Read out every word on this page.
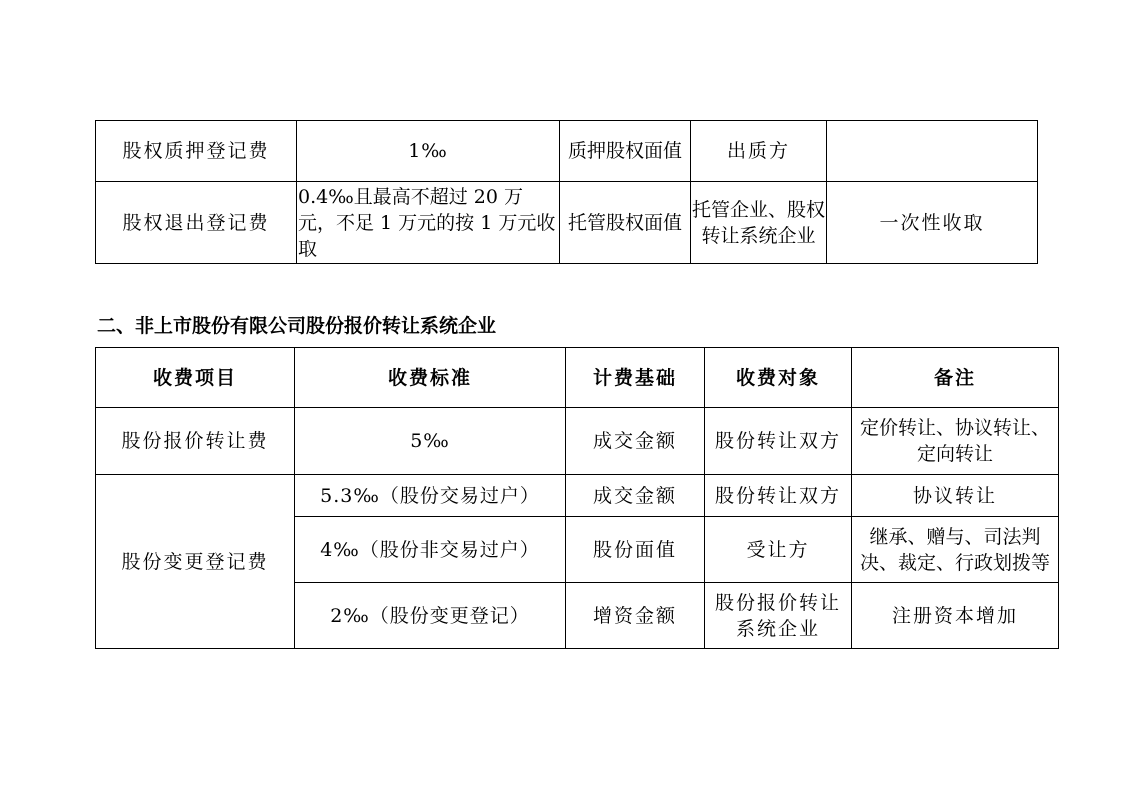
股权质押登记费	1‰	质押股权面值	出质方	
股权退出登记费	0.4‰且最高不超过 20 万元，不足 1 万元的按 1 万元收取	托管股权面值	托管企业、股权转让系统企业	一次性收取
二、非上市股份有限公司股份报价转让系统企业
收费项目	收费标准	计费基础	收费对象	备注
股份报价转让费	5‰	成交金额	股份转让双方	定价转让、协议转让、定向转让
股份变更登记费	5.3‰（股份交易过户）	成交金额	股份转让双方	协议转让
	4‰（股份非交易过户）	股份面值	受让方	继承、赠与、司法判决、裁定、行政划拨等
	2‰（股份变更登记）	增资金额	股份报价转让系统企业	注册资本增加
